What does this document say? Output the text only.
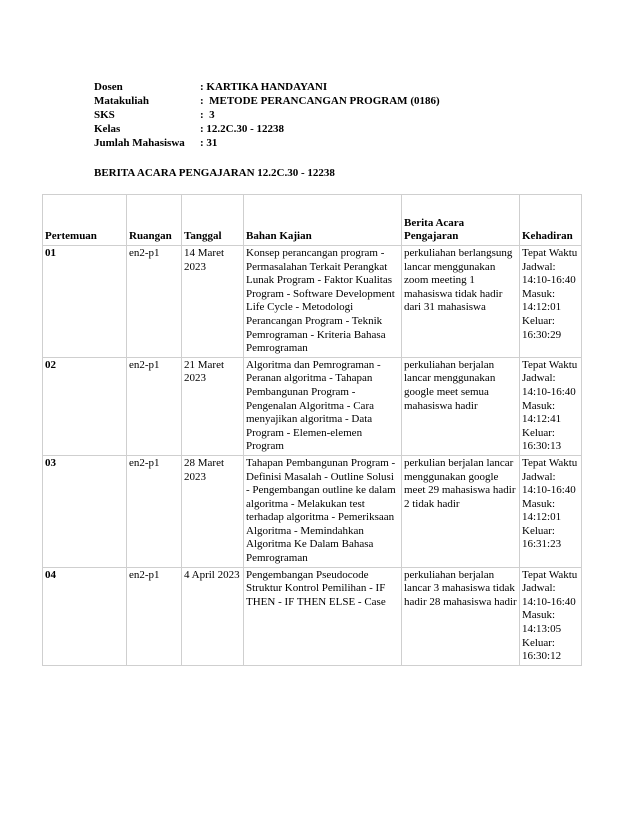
Dosen	: KARTIKA HANDAYANI
Matakuliah	:  METODE PERANCANGAN PROGRAM (0186)
SKS	:  3
Kelas	: 12.2C.30 - 12238
Jumlah Mahasiswa	: 31
BERITA ACARA PENGAJARAN 12.2C.30 - 12238
Pertemuan	Ruangan	Tanggal	Bahan Kajian	Berita Acara Pengajaran	Kehadiran
01	en2-p1	14 Maret 2023	Konsep perancangan program - Permasalahan Terkait Perangkat Lunak Program - Faktor Kualitas Program - Software Development Life Cycle - Metodologi Perancangan Program - Teknik Pemrograman - Kriteria Bahasa Pemrograman	perkuliahan berlangsung lancar menggunakan zoom meeting 1 mahasiswa tidak hadir dari 31 mahasiswa	Tepat Waktu Jadwal: 14:10-16:40 Masuk: 14:12:01 Keluar: 16:30:29
02	en2-p1	21 Maret 2023	Algoritma dan Pemrograman - Peranan algoritma - Tahapan Pembangunan Program - Pengenalan Algoritma - Cara menyajikan algoritma - Data Program - Elemen-elemen Program	perkuliahan berjalan lancar menggunakan google meet semua mahasiswa hadir	Tepat Waktu Jadwal: 14:10-16:40 Masuk: 14:12:41 Keluar: 16:30:13
03	en2-p1	28 Maret 2023	Tahapan Pembangunan Program - Definisi Masalah - Outline Solusi - Pengembangan outline ke dalam algoritma - Melakukan test terhadap algoritma - Pemeriksaan Algoritma - Memindahkan Algoritma Ke Dalam Bahasa Pemrograman	perkulian berjalan lancar menggunakan google meet 29 mahasiswa hadir 2 tidak hadir	Tepat Waktu Jadwal: 14:10-16:40 Masuk: 14:12:01 Keluar: 16:31:23
04	en2-p1	4 April 2023	Pengembangan Pseudocode Struktur Kontrol Pemilihan - IF THEN - IF THEN ELSE - Case	perkuliahan berjalan lancar 3 mahasiswa tidak hadir 28 mahasiswa hadir	Tepat Waktu Jadwal: 14:10-16:40 Masuk: 14:13:05 Keluar: 16:30:12
